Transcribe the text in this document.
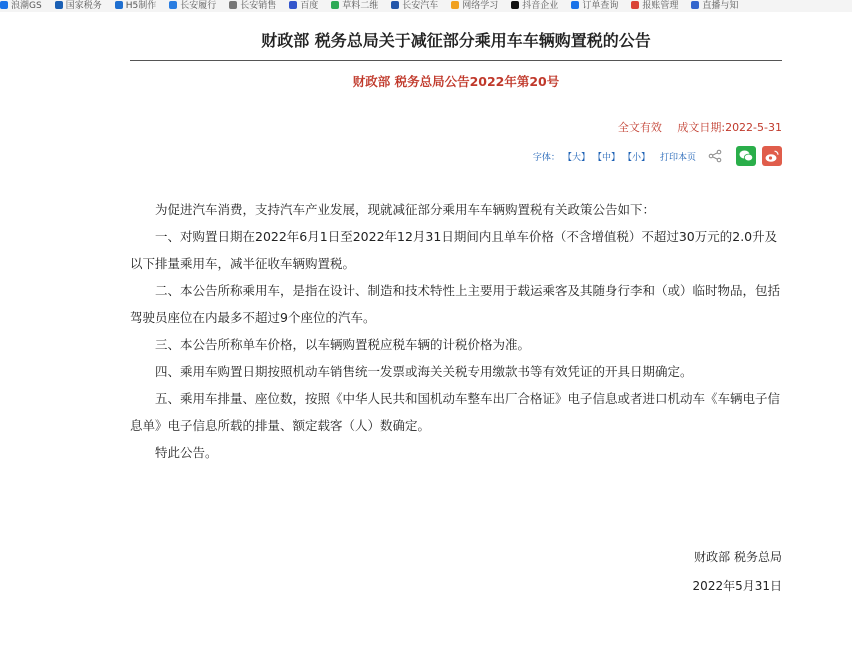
浪潮GS	国家税务	H5制作	长安履行	长安销售	百度	草料二维	长安汽车	网络学习	抖音企业	订单查询	报账管理	直播与知
财政部 税务总局关于减征部分乘用车车辆购置税的公告
财政部 税务总局公告2022年第20号
全文有效 成文日期:2022-5-31
字体： 【大】 【中】 【小】 打印本页

为促进汽车消费，支持汽车产业发展，现就减征部分乘用车车辆购置税有关政策公告如下：

一、对购置日期在2022年6月1日至2022年12月31日期间内且单车价格（不含增值税）不超过30万元的2.0升及以下排量乘用车，减半征收车辆购置税。

二、本公告所称乘用车，是指在设计、制造和技术特性上主要用于载运乘客及其随身行李和（或）临时物品，包括驾驶员座位在内最多不超过9个座位的汽车。

三、本公告所称单车价格，以车辆购置税应税车辆的计税价格为准。

四、乘用车购置日期按照机动车销售统一发票或海关关税专用缴款书等有效凭证的开具日期确定。

五、乘用车排量、座位数，按照《中华人民共和国机动车整车出厂合格证》电子信息或者进口机动车《车辆电子信息单》电子信息所载的排量、额定载客（人）数确定。

特此公告。

财政部 税务总局
2022年5月31日
